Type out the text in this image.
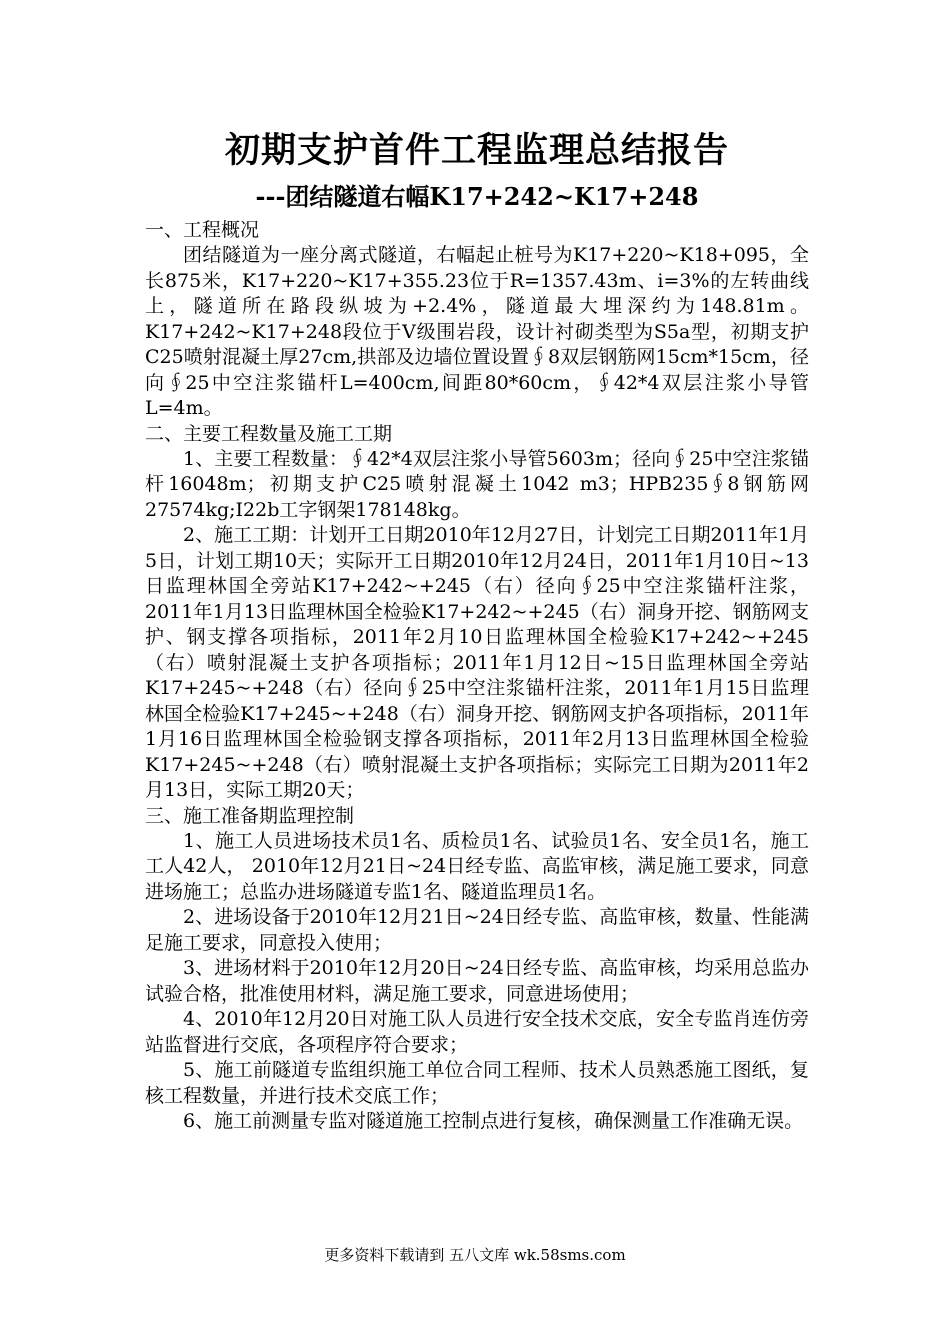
初期支护首件工程监理总结报告
---团结隧道右幅K17+242~K17+248

一、工程概况

团结隧道为一座分离式隧道，右幅起止桩号为K17+220~K18+095，全长875米，K17+220~K17+355.23位于R=1357.43m、i=3%的左转曲线上，隧道所在路段纵坡为+2.4%，隧道最大埋深约为148.81m。K17+242~K17+248段位于Ⅴ级围岩段，设计衬砌类型为S5a型，初期支护C25喷射混凝土厚27cm,拱部及边墙位置设置∮8双层钢筋网15cm*15cm，径向∮25中空注浆锚杆L=400cm,间距80*60cm，∮42*4双层注浆小导管L=4m。

二、主要工程数量及施工工期

1、主要工程数量：∮42*4双层注浆小导管5603m；径向∮25中空注浆锚杆16048m；初期支护C25喷射混凝土1042 m3；HPB235∮8钢筋网27574kg;I22b工字钢架178148kg。

2、施工工期：计划开工日期2010年12月27日，计划完工日期2011年1月5日，计划工期10天；实际开工日期2010年12月24日，2011年1月10日~13日监理林国全旁站K17+242~+245（右）径向∮25中空注浆锚杆注浆，2011年1月13日监理林国全检验K17+242~+245（右）洞身开挖、钢筋网支护、钢支撑各项指标，2011年2月10日监理林国全检验K17+242~+245（右）喷射混凝土支护各项指标；2011年1月12日~15日监理林国全旁站K17+245~+248（右）径向∮25中空注浆锚杆注浆，2011年1月15日监理林国全检验K17+245~+248（右）洞身开挖、钢筋网支护各项指标，2011年1月16日监理林国全检验钢支撑各项指标，2011年2月13日监理林国全检验K17+245~+248（右）喷射混凝土支护各项指标；实际完工日期为2011年2月13日，实际工期20天；

三、施工准备期监理控制

1、施工人员进场技术员1名、质检员1名、试验员1名、安全员1名，施工工人42人， 2010年12月21日~24日经专监、高监审核，满足施工要求，同意进场施工；总监办进场隧道专监1名、隧道监理员1名。

2、进场设备于2010年12月21日~24日经专监、高监审核，数量、性能满足施工要求，同意投入使用；

3、进场材料于2010年12月20日~24日经专监、高监审核，均采用总监办试验合格，批准使用材料，满足施工要求，同意进场使用；

4、2010年12月20日对施工队人员进行安全技术交底，安全专监肖连仿旁站监督进行交底，各项程序符合要求；

5、施工前隧道专监组织施工单位合同工程师、技术人员熟悉施工图纸，复核工程数量，并进行技术交底工作；

6、施工前测量专监对隧道施工控制点进行复核，确保测量工作准确无误。

更多资料下载请到 五八文库 wk.58sms.com
